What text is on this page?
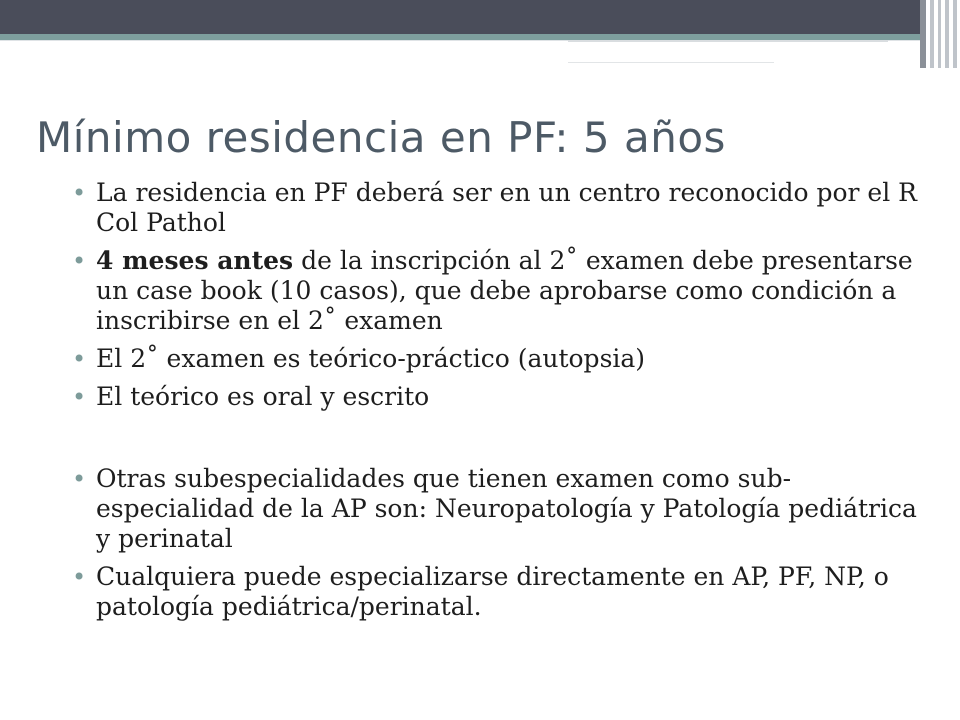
Mínimo residencia en PF: 5 años
• La residencia en PF deberá ser en un centro reconocido por el R Col Pathol
• 4 meses antes de la inscripción al 2˚ examen debe presentarse un case book (10 casos), que debe aprobarse como condición a inscribirse en el 2˚ examen
• El 2˚ examen es teórico-práctico (autopsia)
• El teórico es oral y escrito
• Otras subespecialidades que tienen examen como sub-especialidad de la AP son: Neuropatología y Patología pediátrica y perinatal
• Cualquiera puede especializarse directamente en AP, PF, NP, o patología pediátrica/perinatal.
